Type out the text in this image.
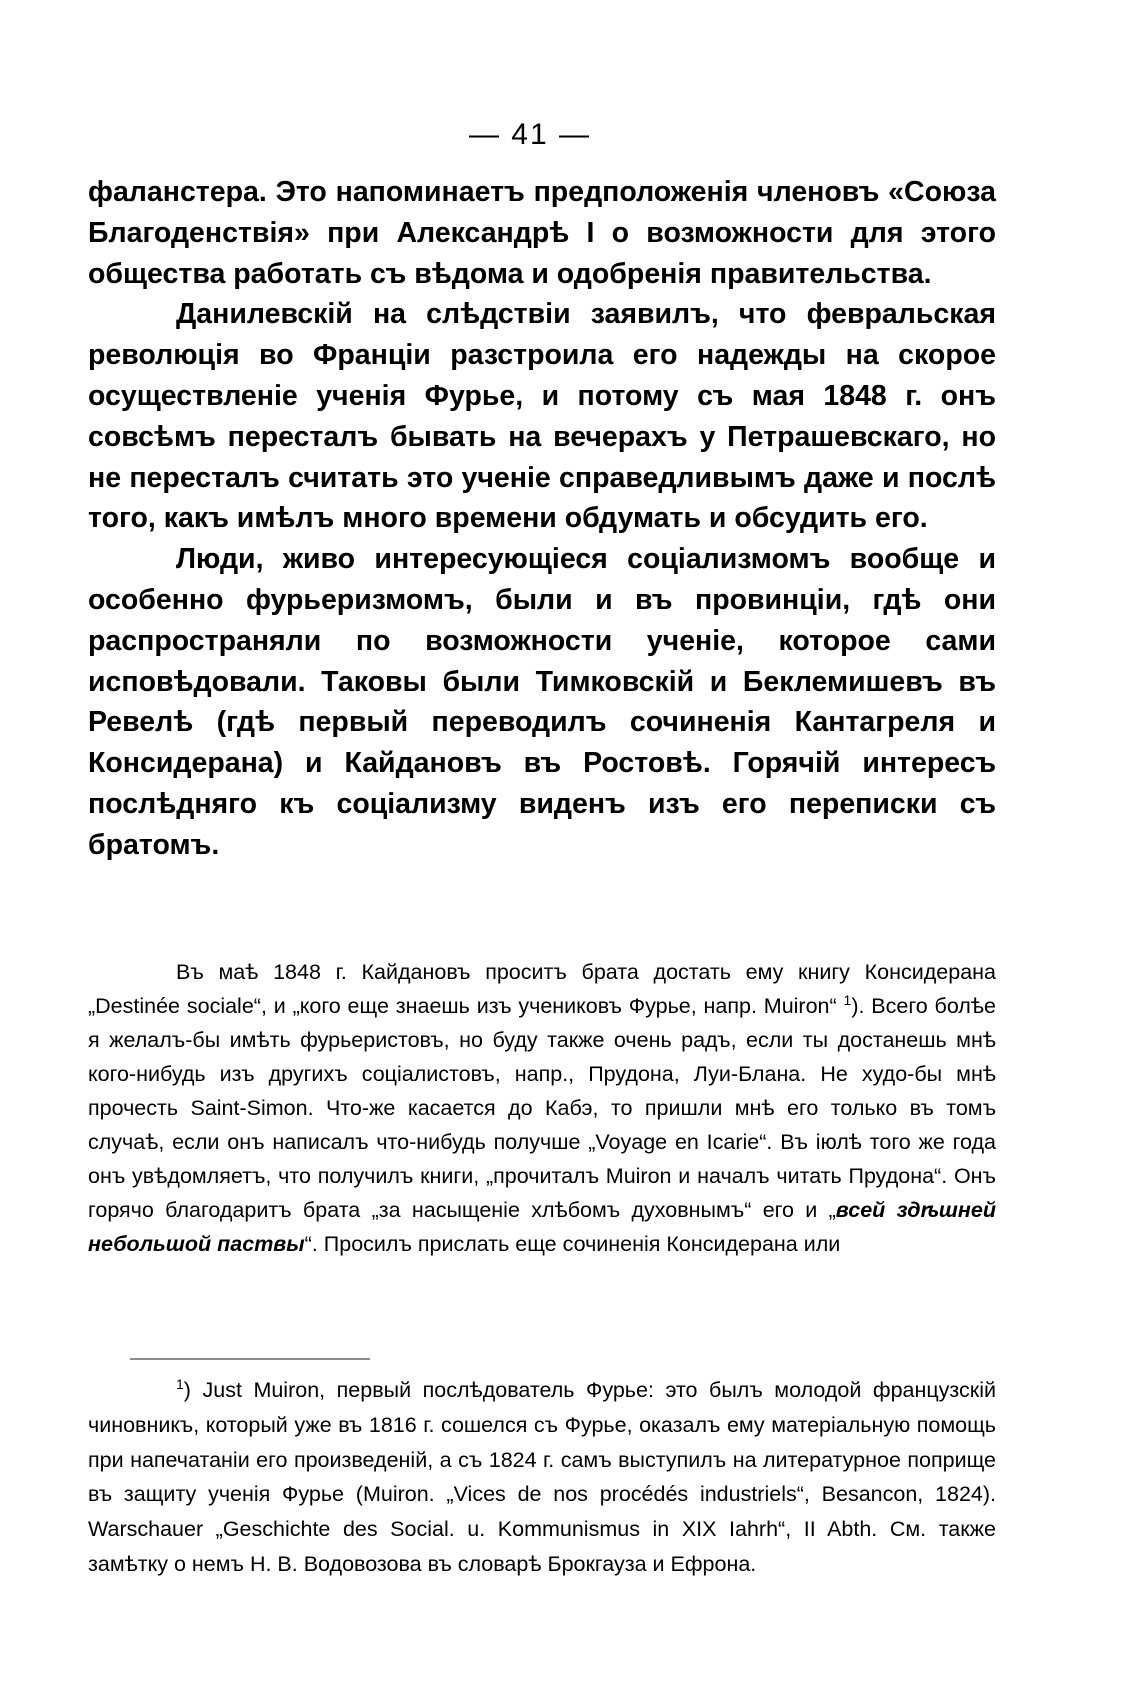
— 41 —

фаланстера. Это напоминаетъ предположенія членовъ «Союза Благоденствія» при Александрѣ I о возможности для этого общества работать съ вѣдома и одобренія правительства.

Данилевскій на слѣдствіи заявилъ, что февральская революція во Франціи разстроила его надежды на скорое осуществленіе ученія Фурье, и потому съ мая 1848 г. онъ совсѣмъ пересталъ бывать на вечерахъ у Петрашевскаго, но не пересталъ считать это ученіе справедливымъ даже и послѣ того, какъ имѣлъ много времени обдумать и обсудить его.

Люди, живо интересующіеся соціализмомъ вообще и особенно фурьеризмомъ, были и въ провинціи, гдѣ они распространяли по возможности ученіе, которое сами исповѣдовали. Таковы были Тимковскій и Беклемишевъ въ Ревелѣ (гдѣ первый переводилъ сочиненія Кантагреля и Консидерана) и Кайдановъ въ Ростовѣ. Горячій интересъ послѣдняго къ соціализму виденъ изъ его переписки съ братомъ.

Въ маѣ 1848 г. Кайдановъ проситъ брата достать ему книгу Консидерана „Destinée sociale“, и „кого еще знаешь изъ учениковъ Фурье, напр. Muiron“ $^1$). Всего болѣе я желалъ-бы имѣть фурьеристовъ, но буду также очень радъ, если ты достанешь мнѣ кого-нибудь изъ другихъ соціалистовъ, напр., Прудона, Луи-Блана. Не худо-бы мнѣ прочесть Saint-Simon. Что-же касается до Кабэ, то пришли мнѣ его только въ томъ случаѣ, если онъ написалъ что-нибудь получше „Voyage en Icarie“. Въ іюлѣ того же года онъ увѣдомляетъ, что получилъ книги, „прочиталъ Muiron и началъ читать Прудона“. Онъ горячо благодаритъ брата „за насыщеніе хлѣбомъ духовнымъ“ его и „всей здѣшней небольшой паствы“. Просилъ прислать еще сочиненія Консидерана или

$^1$) Just Muiron, первый послѣдователь Фурье: это былъ молодой французскій чиновникъ, который уже въ 1816 г. сошелся съ Фурье, оказалъ ему матеріальную помощь при напечатаніи его произведеній, а съ 1824 г. самъ выступилъ на литературное поприще въ защиту ученія Фурье (Muiron. „Vices de nos procédés industriels“, Besancon, 1824). Warschauer „Geschichte des Social. u. Kommunismus in XIX Iahrh“, II Abth. См. также замѣтку о немъ Н. В. Водовозова въ словарѣ Брокгауза и Ефрона.
